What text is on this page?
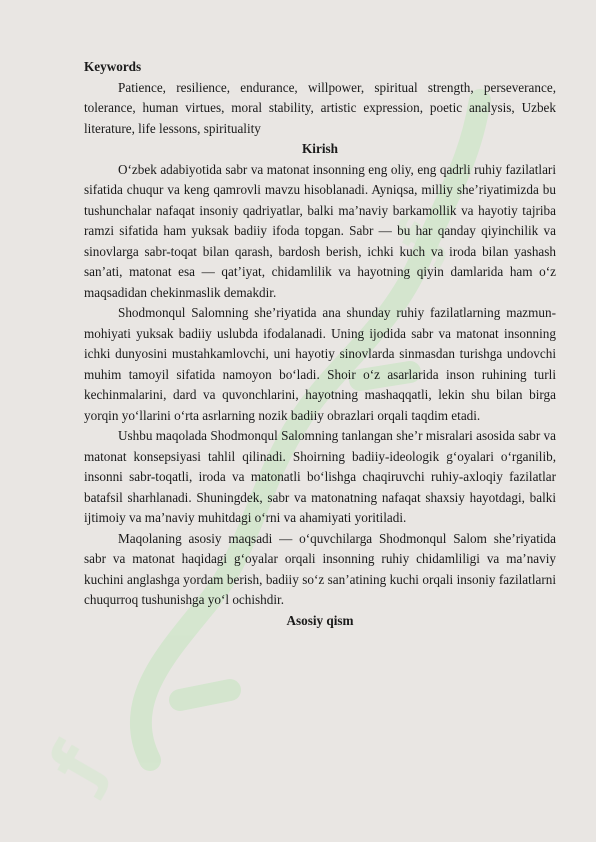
ƒ
ƒ
Keywords

Patience, resilience, endurance, willpower, spiritual strength, perseverance, tolerance, human virtues, moral stability, artistic expression, poetic analysis, Uzbek literature, life lessons, spirituality

Kirish

O‘zbek adabiyotida sabr va matonat insonning eng oliy, eng qadrli ruhiy fazilatlari sifatida chuqur va keng qamrovli mavzu hisoblanadi. Ayniqsa, milliy she’riyatimizda bu tushunchalar nafaqat insoniy qadriyatlar, balki ma’naviy barkamollik va hayotiy tajriba ramzi sifatida ham yuksak badiiy ifoda topgan. Sabr — bu har qanday qiyinchilik va sinovlarga sabr-toqat bilan qarash, bardosh berish, ichki kuch va iroda bilan yashash san’ati, matonat esa — qat’iyat, chidamlilik va hayotning qiyin damlarida ham o‘z maqsadidan chekinmaslik demakdir.

Shodmonqul Salomning she’riyatida ana shunday ruhiy fazilatlarning mazmun-mohiyati yuksak badiiy uslubda ifodalanadi. Uning ijodida sabr va matonat insonning ichki dunyosini mustahkamlovchi, uni hayotiy sinovlarda sinmasdan turishga undovchi muhim tamoyil sifatida namoyon bo‘ladi. Shoir o‘z asarlarida inson ruhining turli kechinmalarini, dard va quvonchlarini, hayotning mashaqqatli, lekin shu bilan birga yorqin yo‘llarini o‘rta asrlarning nozik badiiy obrazlari orqali taqdim etadi.

Ushbu maqolada Shodmonqul Salomning tanlangan she’r misralari asosida sabr va matonat konsepsiyasi tahlil qilinadi. Shoirning badiiy-ideologik g‘oyalari o‘rganilib, insonni sabr-toqatli, iroda va matonatli bo‘lishga chaqiruvchi ruhiy-axloqiy fazilatlar batafsil sharhlanadi. Shuningdek, sabr va matonatning nafaqat shaxsiy hayotdagi, balki ijtimoiy va ma’naviy muhitdagi o‘rni va ahamiyati yoritiladi.

Maqolaning asosiy maqsadi — o‘quvchilarga Shodmonqul Salom she’riyatida sabr va matonat haqidagi g‘oyalar orqali insonning ruhiy chidamliligi va ma’naviy kuchini anglashga yordam berish, badiiy so‘z san’atining kuchi orqali insoniy fazilatlarni chuqurroq tushunishga yo‘l ochishdir.

Asosiy qism
